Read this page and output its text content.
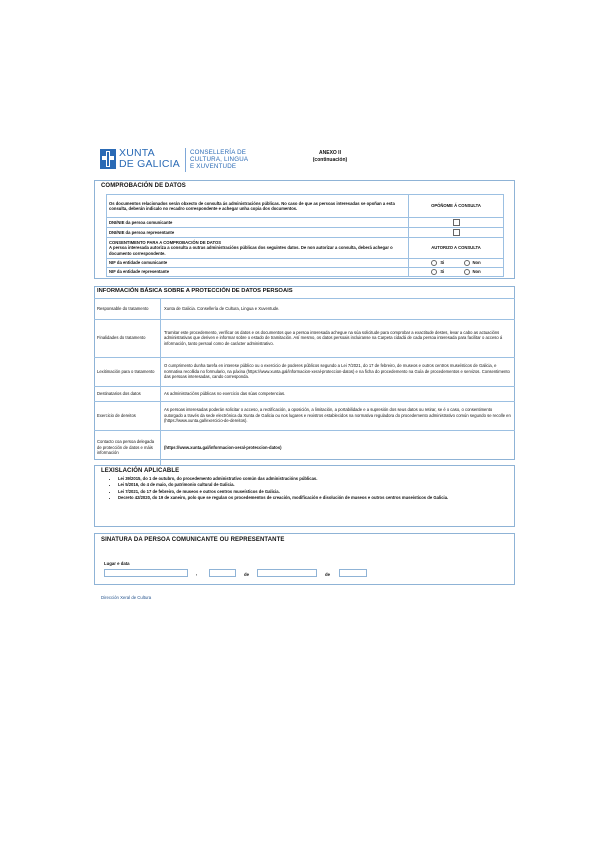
XUNTA
DE GALICIA
CONSELLERÍA DE
CULTURA, LINGUA
E XUVENTUDE
ANEXO II
(continuación)
COMPROBACIÓN DE DATOS
Os documentos relacionados serán obxecto de consulta ás administracións públicas. No caso de que as persoas interesadas se opoñan a esta consulta, deberán indicalo no recadro correspondente e achegar unha copia dos documentos.	OPÓÑOME Á CONSULTA
DNI/NIE da persoa comunicante	
DNI/NIE da persoa representante	

CONSENTIMENTO PARA A COMPROBACIÓN DE DATOS
A persoa interesada autoriza a consulta a outras administracións públicas dos seguintes datos. De non autorizar a consulta, deberá achegar o documento correspondente.	AUTORIZO A CONSULTA
NIF da entidade comunicante	Si Non
NIF da entidade representante	Si Non
INFORMACIÓN BÁSICA SOBRE A PROTECCIÓN DE DATOS PERSOAIS	
Responsable do tratamento	Xunta de Galicia. Consellería de Cultura, Lingua e Xuventude.
Finalidades do tratamento	Tramitar este procedemento, verificar os datos e os documentos que a persoa interesada achegue na súa solicitude para comprobar a exactitude destes, levar a cabo as actuacións administrativas que deriven e informar sobre o estado de tramitación. Así mesmo, os datos persoais incluiranse na Carpeta cidadá de cada persoa interesada para facilitar o acceso á información, tanto persoal como de carácter administrativo.
Lexitimación para o tratamento	O cumprimento dunha tarefa en interese público ou o exercicio de poderes públicos segundo a Lei 7/2021, do 17 de febreiro, de museos e outros centros museísticos de Galicia, e normativa recollida no formulario, na páxina (https://www.xunta.gal/informacion-xeral-proteccion-datos) e na ficha do procedemento na Guía de procedementos e servizos. Consentimento das persoas interesadas, cando corresponda.
Destinatarios dos datos	As administracións públicas no exercicio das súas competencias.
Exercicio de dereitos	As persoas interesadas poderán solicitar o acceso, a rectificación, a oposición, a limitación, a portabilidade e a supresión dos seus datos ou retirar, se é o caso, o consentimento outorgado a través da sede electrónica da Xunta de Galicia ou nos lugares e rexistros establecidos na normativa reguladora do procedemento administrativo común segundo se recolle en (https://www.xunta.gal/exercicio-de-dereitos).
Contacto coa persoa delegada de protección de datos e máis información	(https://www.xunta.gal/informacion-xeral-proteccion-datos)
LEXISLACIÓN APLICABLE
• Lei 39/2015, do 1 de outubro, do procedemento administrativo común das administracións públicas.
• Lei 5/2016, do 4 de maio, do patrimonio cultural de Galicia.
• Lei 7/2021, do 17 de febreiro, de museos e outros centros museísticos de Galicia.
• Decreto 42/2020, do 19 de xaneiro, polo que se regulan os procedementos de creación, modificación e disolución de museos e outros centros museísticos de Galicia.
SINATURA DA PERSOA COMUNICANTE OU REPRESENTANTE
Lugar e data
,	de	de
Dirección Xeral de Cultura
